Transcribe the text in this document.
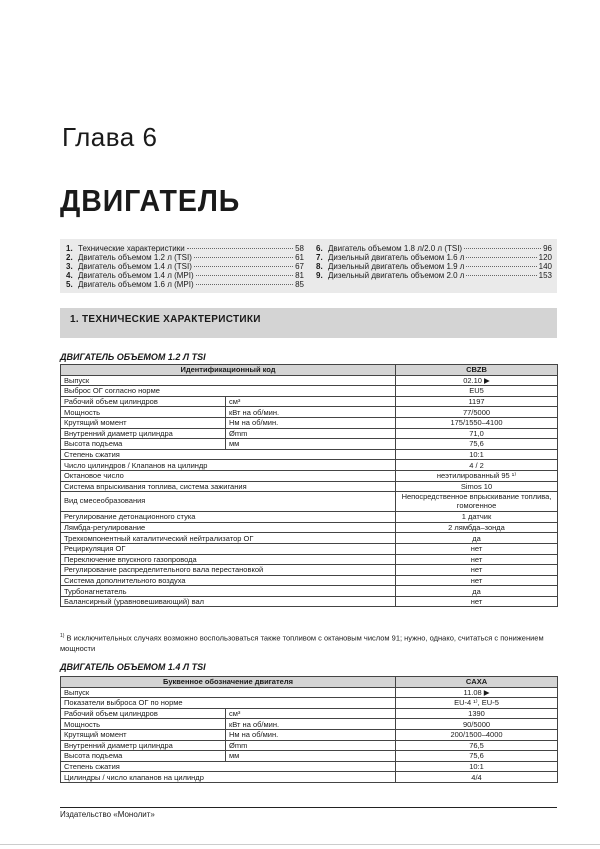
Глава 6
ДВИГАТЕЛЬ
1. Технические характеристики	58
2. Двигатель объемом 1.2 л (TSI)	61
3. Двигатель объемом 1.4 л (TSI)	67
4. Двигатель объемом 1.4 л (MPI)	81
5. Двигатель объемом 1.6 л (MPI)	85
6. Двигатель объемом 1.8 л/2.0 л (TSI)	96
7. Дизельный двигатель объемом 1.6 л	120
8. Дизельный двигатель объемом 1.9 л	140
9. Дизельный двигатель объемом 2.0 л	153
1. ТЕХНИЧЕСКИЕ ХАРАКТЕРИСТИКИ
ДВИГАТЕЛЬ ОБЪЕМОМ 1.2 Л TSI
Идентификационный код		CBZB
Выпуск		02.10 ▶
Выброс ОГ согласно норме		EU5
Рабочий объем цилиндров	см³	1197
Мощность	кВт на об/мин.	77/5000
Крутящий момент	Нм на об/мин.	175/1550–4100
Внутренний диаметр цилиндра	Ømm	71,0
Высота подъема	мм	75,6
Степень сжатия		10:1
Число цилиндров / Клапанов на цилиндр		4 / 2
Октановое число		неэтилированный 95 ¹⁾
Система впрыскивания топлива, система зажигания		Simos 10
Вид смесеобразования		Непосредственное впрыскивание топлива, гомогенное
Регулирование детонационного стука		1 датчик
Лямбда-регулирование		2 лямбда–зонда
Трехкомпонентный каталитический нейтрализатор ОГ		да
Рециркуляция ОГ		нет
Переключение впускного газопровода		нет
Регулирование распределительного вала перестановкой		нет
Система дополнительного воздуха		нет
Турбонагнетатель		да
Балансирный (уравновешивающий) вал		нет
$^{1)}$ В исключительных случаях возможно воспользоваться также топливом с октановым числом 91; нужно, однако, считаться с понижением мощности
ДВИГАТЕЛЬ ОБЪЕМОМ 1.4 Л TSI
Буквенное обозначение двигателя		CAXA
Выпуск		11.08 ▶
Показатели выброса ОГ по норме		EU-4 ¹⁾, EU-5
Рабочий объем цилиндров	см³	1390
Мощность	кВт на об/мин.	90/5000
Крутящий момент	Нм на об/мин.	200/1500–4000
Внутренний диаметр цилиндра	Ømm	76,5
Высота подъема	мм	75,6
Степень сжатия		10:1
Цилиндры / число клапанов на цилиндр		4/4
Издательство «Монолит»
